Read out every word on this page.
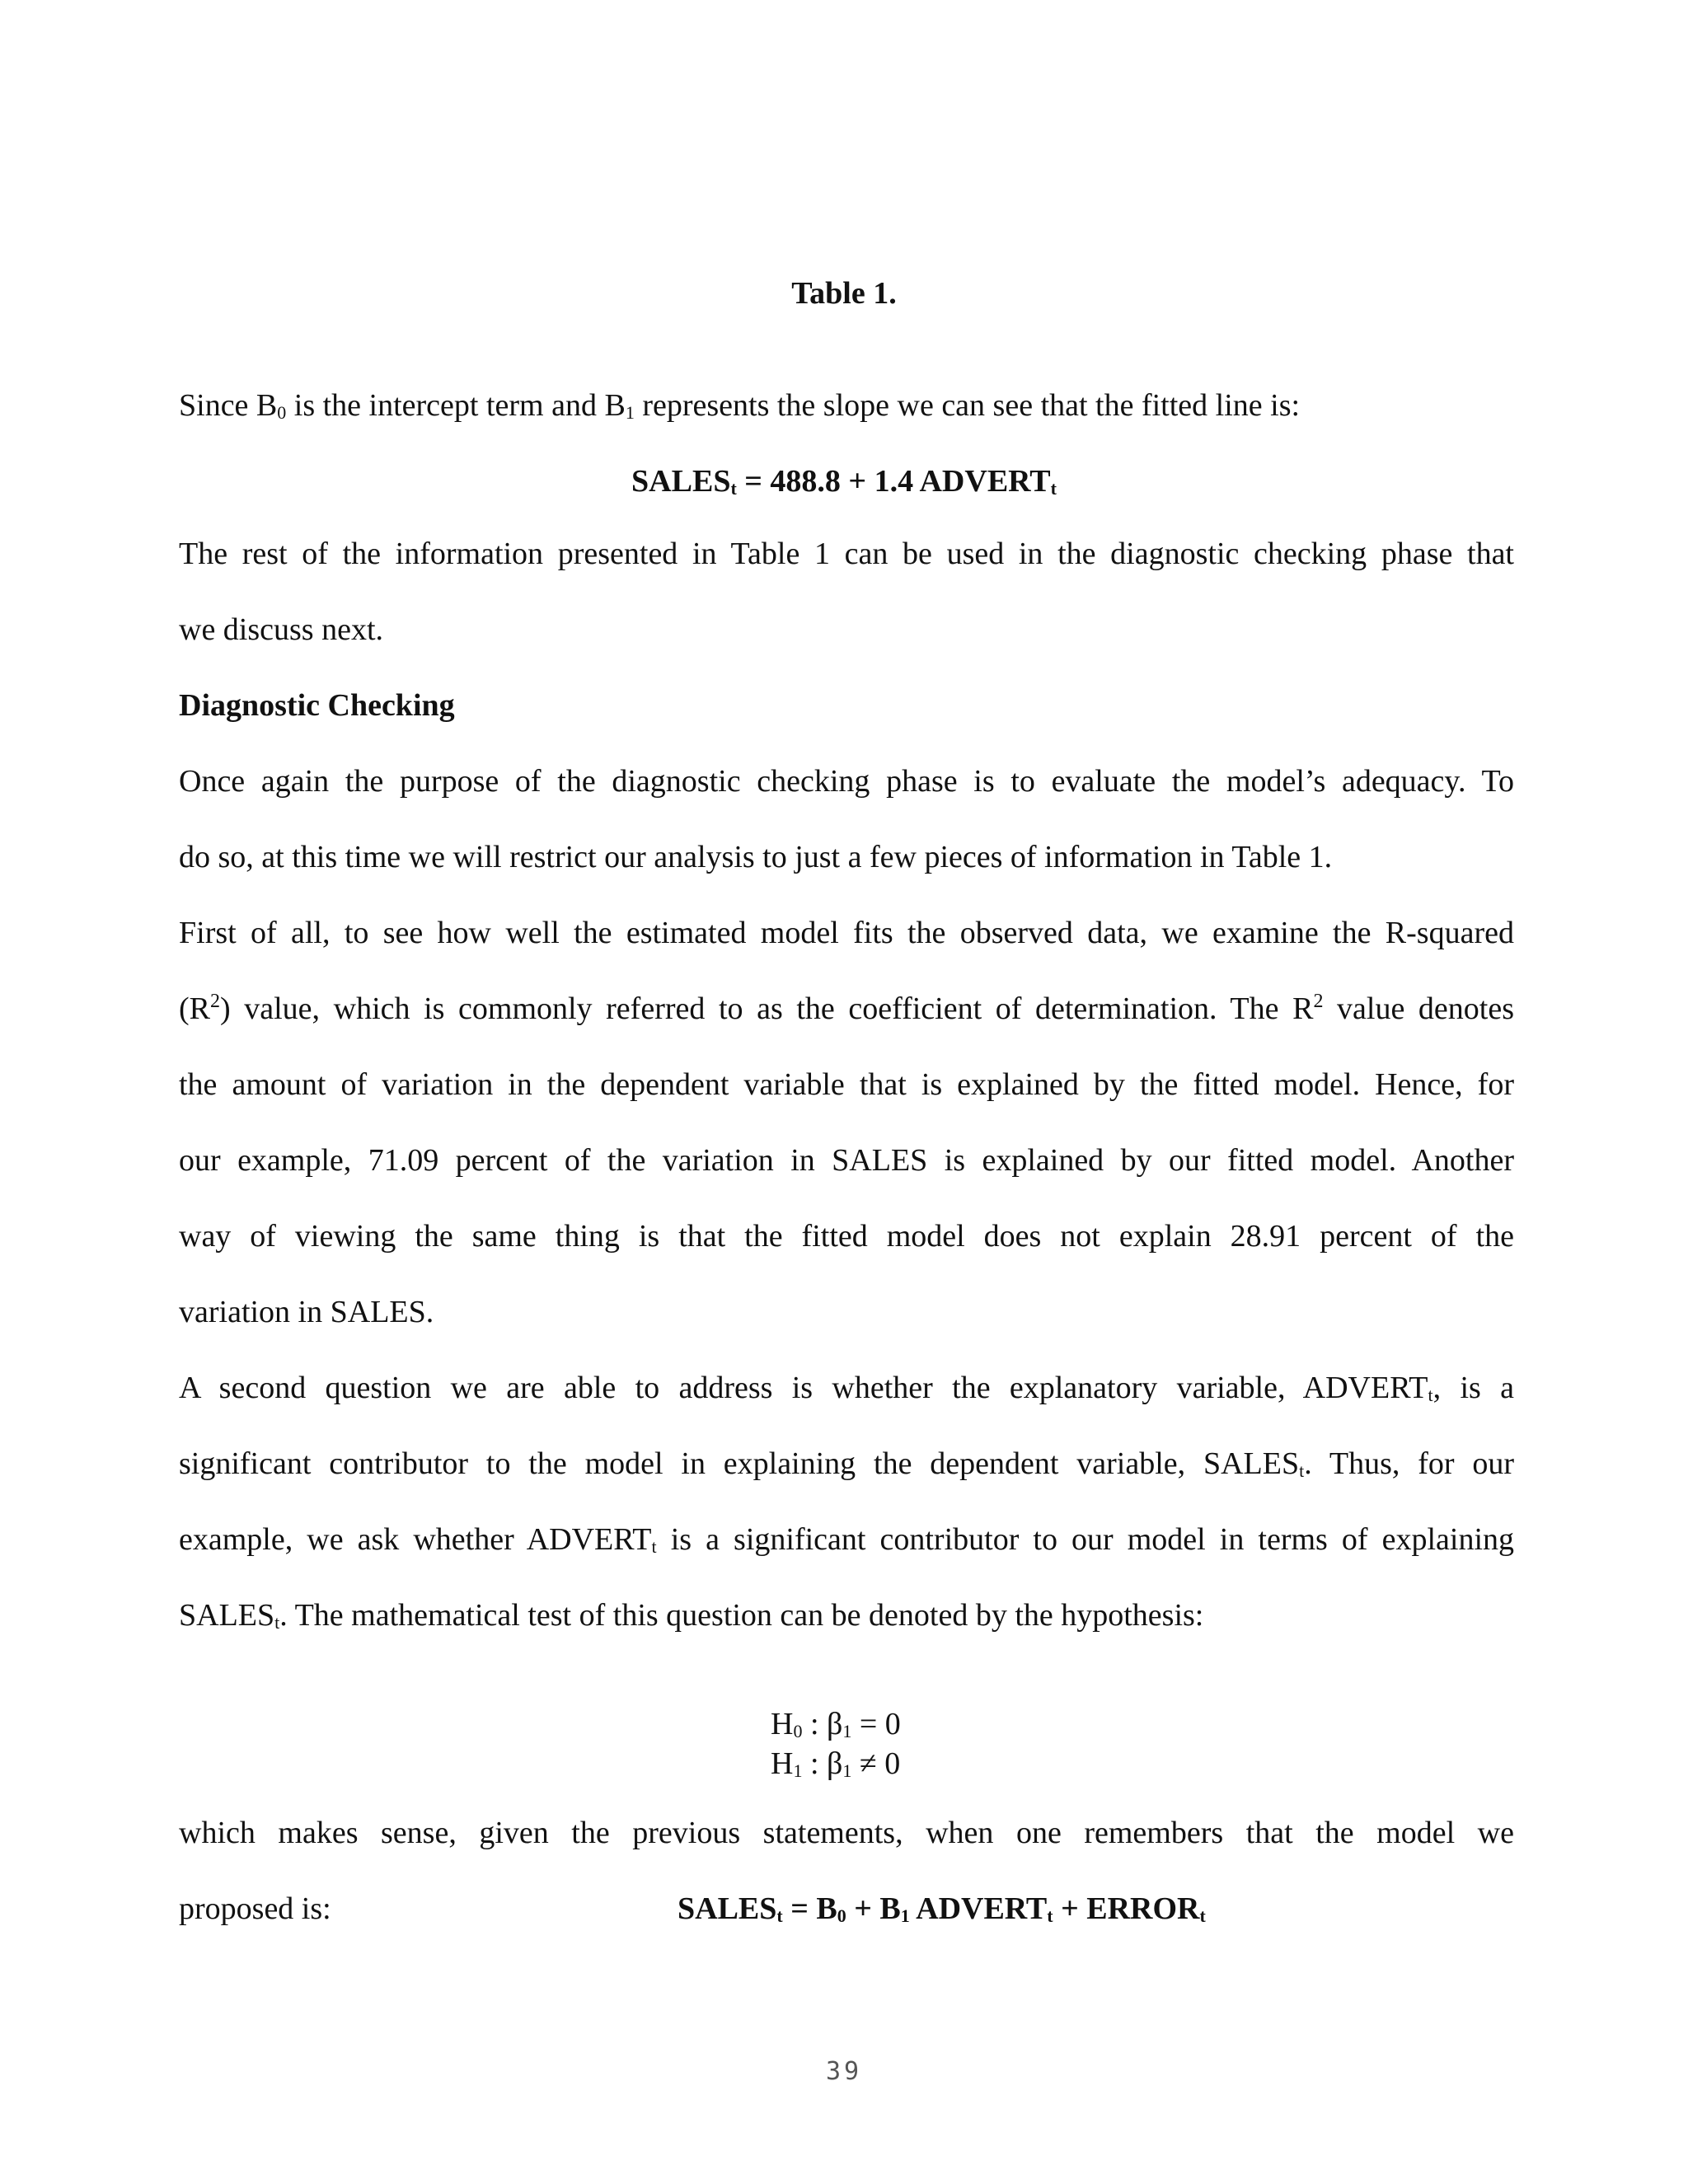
Table 1.
Since $B_0$ is the intercept term and $B_1$ represents the slope we can see that the fitted line is:
$SALES_t = 488.8 + 1.4$ $ADVERT_t$
The rest of the information presented in Table 1 can be used in the diagnostic checking phase that
we discuss next.
Diagnostic Checking
Once again the purpose of the diagnostic checking phase is to evaluate the model’s adequacy. To
do so, at this time we will restrict our analysis to just a few pieces of information in Table 1.
First of all, to see how well the estimated model fits the observed data, we examine the R-squared
$(R^2)$ value, which is commonly referred to as the coefficient of determination. The $R^2$ value denotes
the amount of variation in the dependent variable that is explained by the fitted model. Hence, for
our example, 71.09 percent of the variation in SALES is explained by our fitted model. Another
way of viewing the same thing is that the fitted model does not explain 28.91 percent of the
variation in SALES.
A second question we are able to address is whether the explanatory variable, $ADVERT_t$, is a
significant contributor to the model in explaining the dependent variable, $SALES_t$. Thus, for our
example, we ask whether $ADVERT_t$ is a significant contributor to our model in terms of explaining
$SALES_t$. The mathematical test of this question can be denoted by the hypothesis:
$H_0$ : $\beta_1 = 0$
$H_1$ : $\beta_1 \ne 0$
which makes sense, given the previous statements, when one remembers that the model we
proposed is:	$SALES_t = B_0 + B_1$ $ADVERT_t$ + $ERROR_t$
39
